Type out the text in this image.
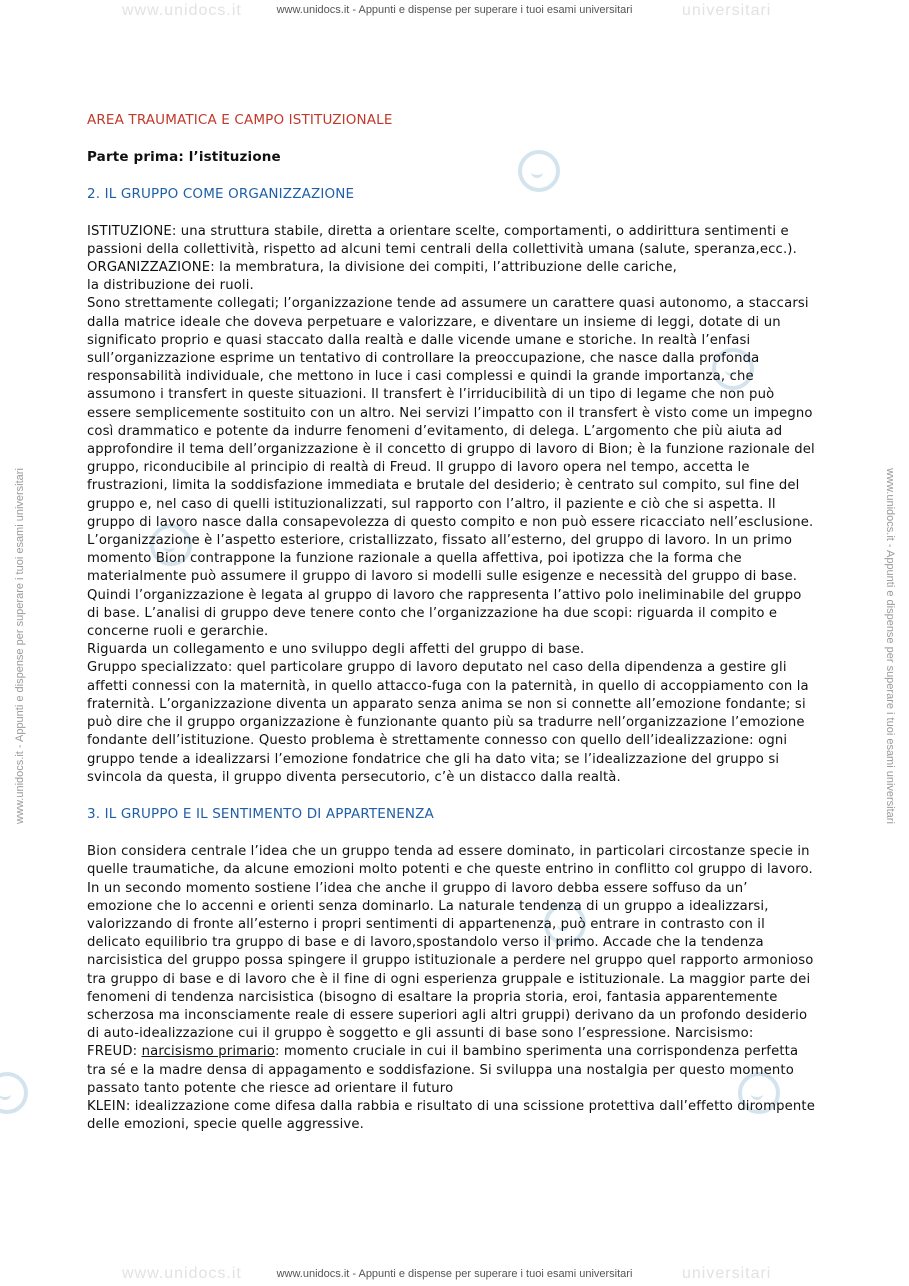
www.unidocs.it	universitari
www.unidocs.it	universitari
www.unidocs.it - Appunti e dispense per superare i tuoi esami universitari
www.unidocs.it - Appunti e dispense per superare i tuoi esami universitari
www.unidocs.it - Appunti e dispense per superare i tuoi esami universitari	www.unidocs.it - Appunti e dispense per superare i tuoi esami universitari
AREA TRAUMATICA E CAMPO ISTITUZIONALE
Parte prima: l’istituzione
2. IL GRUPPO COME ORGANIZZAZIONE

ISTITUZIONE: una struttura stabile, diretta a orientare scelte, comportamenti, o addirittura sentimenti e passioni della collettività, rispetto ad alcuni temi centrali della collettività umana (salute, speranza,ecc.).

ORGANIZZAZIONE: la membratura, la divisione dei compiti, l’attribuzione delle cariche,

la distribuzione dei ruoli.

Sono strettamente collegati; l’organizzazione tende ad assumere un carattere quasi autonomo, a staccarsi dalla matrice ideale che doveva perpetuare e valorizzare, e diventare un insieme di leggi, dotate di un significato proprio e quasi staccato dalla realtà e dalle vicende umane e storiche. In realtà l’enfasi sull’organizzazione esprime un tentativo di controllare la preoccupazione, che nasce dalla profonda responsabilità individuale, che mettono in luce i casi complessi e quindi la grande importanza, che assumono i transfert in queste situazioni. Il transfert è l’irriducibilità di un tipo di legame che non può essere semplicemente sostituito con un altro. Nei servizi l’impatto con il transfert è visto come un impegno così drammatico e potente da indurre fenomeni d’evitamento, di delega. L’argomento che più aiuta ad approfondire il tema dell’organizzazione è il concetto di gruppo di lavoro di Bion; è la funzione razionale del gruppo, riconducibile al principio di realtà di Freud. Il gruppo di lavoro opera nel tempo, accetta le frustrazioni, limita la soddisfazione immediata e brutale del desiderio; è centrato sul compito, sul fine del gruppo e, nel caso di quelli istituzionalizzati, sul rapporto con l’altro, il paziente e ciò che si aspetta. Il gruppo di lavoro nasce dalla consapevolezza di questo compito e non può essere ricacciato nell’esclusione.

L’organizzazione è l’aspetto esteriore, cristallizzato, fissato all’esterno, del gruppo di lavoro. In un primo momento Bion contrappone la funzione razionale a quella affettiva, poi ipotizza che la forma che materialmente può assumere il gruppo di lavoro si modelli sulle esigenze e necessità del gruppo di base. Quindi l’organizzazione è legata al gruppo di lavoro che rappresenta l’attivo polo ineliminabile del gruppo di base. L’analisi di gruppo deve tenere conto che l’organizzazione ha due scopi: riguarda il compito e concerne ruoli e gerarchie.

Riguarda un collegamento e uno sviluppo degli affetti del gruppo di base.

Gruppo specializzato: quel particolare gruppo di lavoro deputato nel caso della dipendenza a gestire gli affetti connessi con la maternità, in quello attacco-fuga con la paternità, in quello di accoppiamento con la fraternità. L’organizzazione diventa un apparato senza anima se non si connette all’emozione fondante; si può dire che il gruppo organizzazione è funzionante quanto più sa tradurre nell’organizzazione l’emozione fondante dell’istituzione. Questo problema è strettamente connesso con quello dell’idealizzazione: ogni gruppo tende a idealizzarsi l’emozione fondatrice che gli ha dato vita; se l’idealizzazione del gruppo si svincola da questa, il gruppo diventa persecutorio, c’è un distacco dalla realtà.

3. IL GRUPPO E IL SENTIMENTO DI APPARTENENZA

Bion considera centrale l’idea che un gruppo tenda ad essere dominato, in particolari circostanze specie in quelle traumatiche, da alcune emozioni molto potenti e che queste entrino in conflitto col gruppo di lavoro. In un secondo momento sostiene l’idea che anche il gruppo di lavoro debba essere soffuso da un’ emozione che lo accenni e orienti senza dominarlo. La naturale tendenza di un gruppo a idealizzarsi, valorizzando di fronte all’esterno i propri sentimenti di appartenenza, può entrare in contrasto con il delicato equilibrio tra gruppo di base e di lavoro,spostandolo verso il primo. Accade che la tendenza narcisistica del gruppo possa spingere il gruppo istituzionale a perdere nel gruppo quel rapporto armonioso tra gruppo di base e di lavoro che è il fine di ogni esperienza gruppale e istituzionale. La maggior parte dei fenomeni di tendenza narcisistica (bisogno di esaltare la propria storia, eroi, fantasia apparentemente scherzosa ma inconsciamente reale di essere superiori agli altri gruppi) derivano da un profondo desiderio di auto-idealizzazione cui il gruppo è soggetto e gli assunti di base sono l’espressione. Narcisismo:

FREUD: narcisismo primario: momento cruciale in cui il bambino sperimenta una corrispondenza perfetta tra sé e la madre densa di appagamento e soddisfazione. Si sviluppa una nostalgia per questo momento passato tanto potente che riesce ad orientare il futuro

KLEIN: idealizzazione come difesa dalla rabbia e risultato di una scissione protettiva dall’effetto dirompente delle emozioni, specie quelle aggressive.
